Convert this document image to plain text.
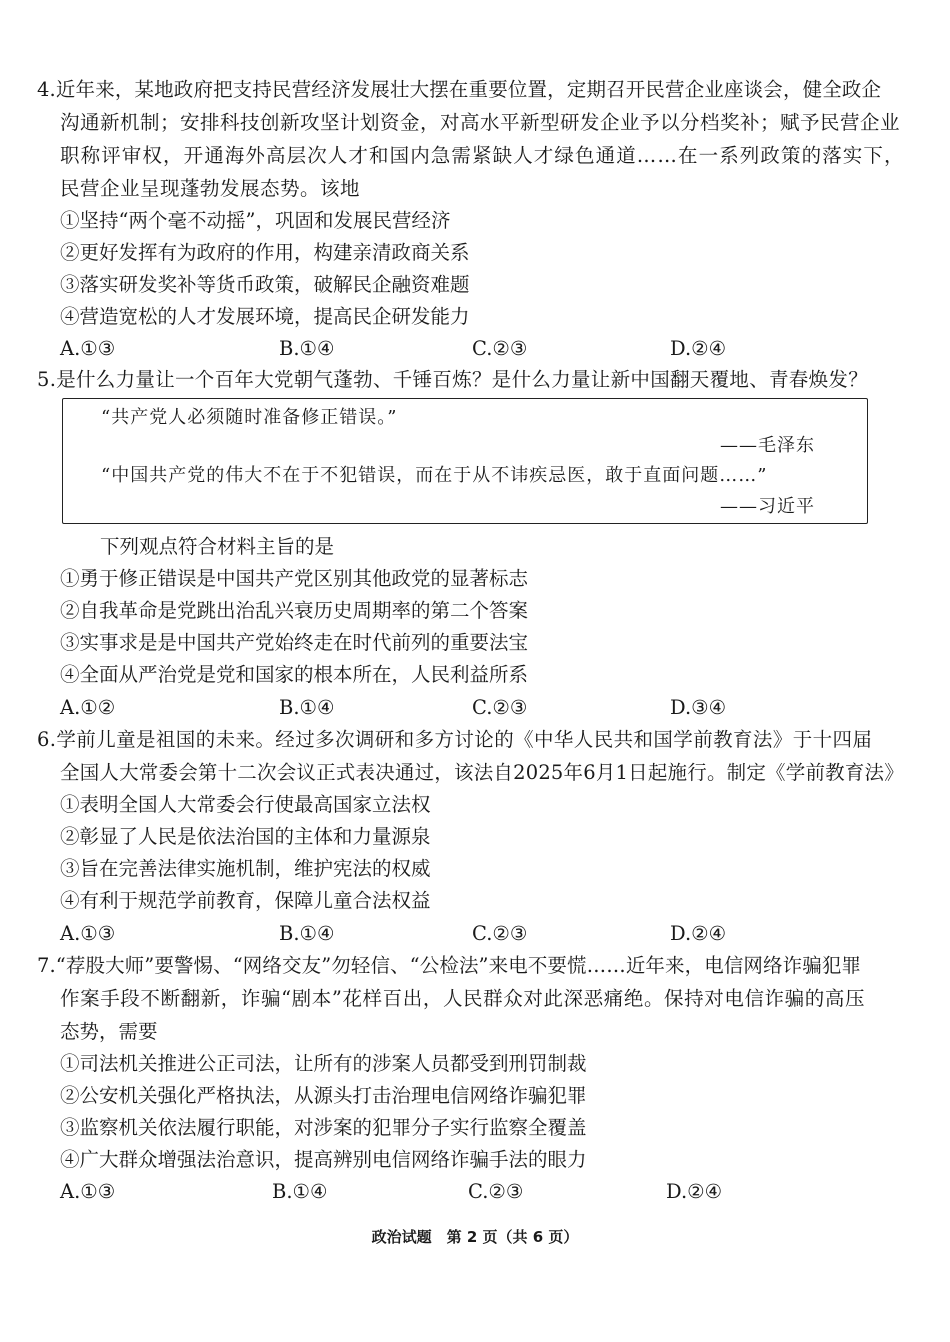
4.近年来，某地政府把支持民营经济发展壮大摆在重要位置，定期召开民营企业座谈会，健全政企
沟通新机制；安排科技创新攻坚计划资金，对高水平新型研发企业予以分档奖补；赋予民营企业
职称评审权，开通海外高层次人才和国内急需紧缺人才绿色通道……在一系列政策的落实下，
民营企业呈现蓬勃发展态势。该地
①坚持“两个毫不动摇”，巩固和发展民营经济
②更好发挥有为政府的作用，构建亲清政商关系
③落实研发奖补等货币政策，破解民企融资难题
④营造宽松的人才发展环境，提高民企研发能力
A.①③	B.①④	C.②③	D.②④
5.是什么力量让一个百年大党朝气蓬勃、千锤百炼？是什么力量让新中国翻天覆地、青春焕发？
“共产党人必须随时准备修正错误。”
——毛泽东
“中国共产党的伟大不在于不犯错误，而在于从不讳疾忌医，敢于直面问题……”
——习近平
下列观点符合材料主旨的是
①勇于修正错误是中国共产党区别其他政党的显著标志
②自我革命是党跳出治乱兴衰历史周期率的第二个答案
③实事求是是中国共产党始终走在时代前列的重要法宝
④全面从严治党是党和国家的根本所在，人民利益所系
A.①②	B.①④	C.②③	D.③④
6.学前儿童是祖国的未来。经过多次调研和多方讨论的《中华人民共和国学前教育法》于十四届
全国人大常委会第十二次会议正式表决通过，该法自2025年6月1日起施行。制定《学前教育法》
①表明全国人大常委会行使最高国家立法权
②彰显了人民是依法治国的主体和力量源泉
③旨在完善法律实施机制，维护宪法的权威
④有利于规范学前教育，保障儿童合法权益
A.①③	B.①④	C.②③	D.②④
7.“荐股大师”要警惕、“网络交友”勿轻信、“公检法”来电不要慌……近年来，电信网络诈骗犯罪
作案手段不断翻新，诈骗“剧本”花样百出，人民群众对此深恶痛绝。保持对电信诈骗的高压
态势，需要
①司法机关推进公正司法，让所有的涉案人员都受到刑罚制裁
②公安机关强化严格执法，从源头打击治理电信网络诈骗犯罪
③监察机关依法履行职能，对涉案的犯罪分子实行监察全覆盖
④广大群众增强法治意识，提高辨别电信网络诈骗手法的眼力
A.①③	B.①④	C.②③	D.②④
政治试题　第 2 页（共 6 页）
